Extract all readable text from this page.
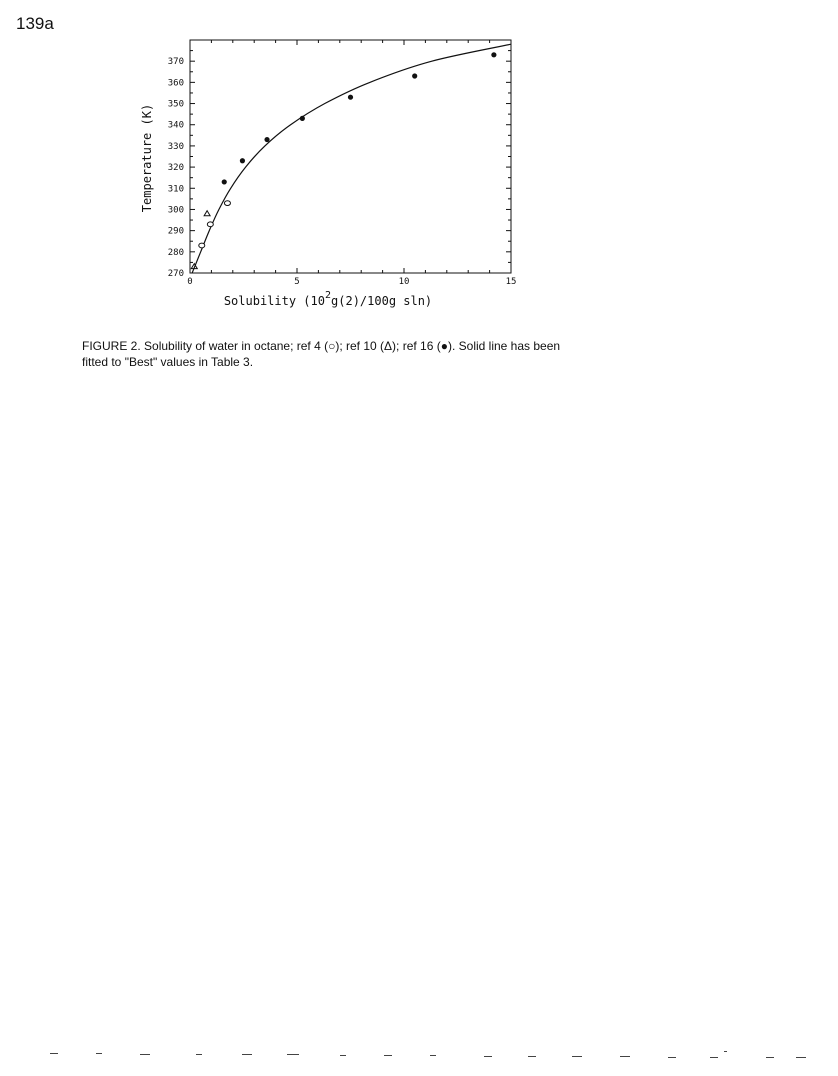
139a
0	5	10	15
270
280
290
300
310
320
330
340
350
360
370
Solubility ($10^2g(2)/100g$ sln)
Temperature (K)
FIGURE 2. Solubility of water in octane; ref 4 (○); ref 10 (Δ); ref 16 (●). Solid line has been
fitted to "Best" values in Table 3.
